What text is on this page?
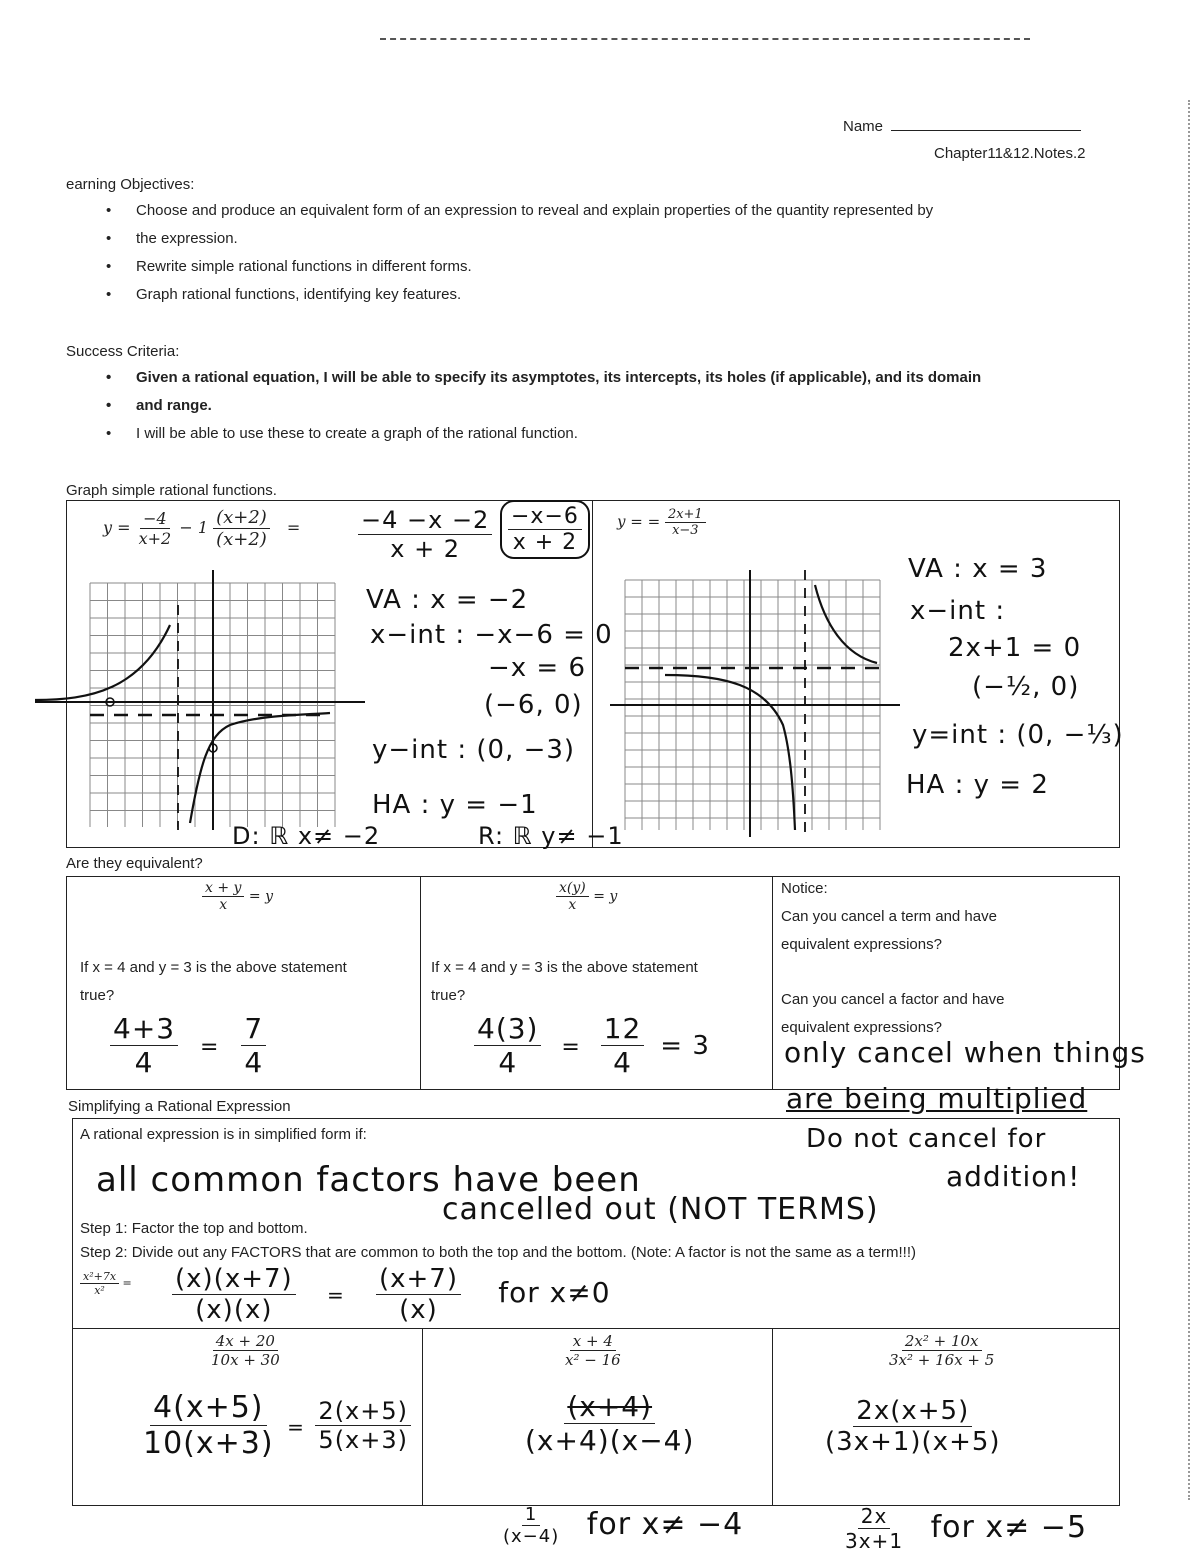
Name
Chapter11&12.Notes.2
earning Objectives:
• Choose and produce an equivalent form of an expression to reveal and explain properties of the quantity represented by
• the expression.
• Rewrite simple rational functions in different forms.
• Graph rational functions, identifying key features.
Success Criteria:
• Given a rational equation, I will be able to specify its asymptotes, its intercepts, its holes (if applicable), and its domain
• and range.
• I will be able to use these to create a graph of the rational function.
Graph simple rational functions.
$y = \frac{-4}{x+2} - 1 \frac{(x+2)}{(x+2)} = \frac{-4 -x -2}{x + 2} \frac{-x-6}{x + 2}$
VA : x = −2
x−int : −x−6 = 0
−x = 6
(−6, 0)
y−int : (0, −3)
HA : y = −1
D: ℝ x≠ −2	R: ℝ y≠ −1
y = = $\frac{2x+1}{x-3}$
VA : x = 3
x−int :
2x+1 = 0
(−½, 0)
y=int : (0, −⅓)
HA : y = 2
Are they equivalent?
$\frac{x + y}{x} = y$
If x = 4 and y = 3 is the above statement true?
$\frac{4+3}{4} = \frac{7}{4}$
$\frac{x(y)}{x} = y$
If x = 4 and y = 3 is the above statement true?
$\frac{4(3)}{4} = \frac{12}{4} = 3$
Notice:
Can you cancel a term and have equivalent expressions?
Can you cancel a factor and have equivalent expressions?
only cancel when things
are being multiplied
Do not cancel for
addition!
Simplifying a Rational Expression
A rational expression is in simplified form if:
all common factors have been
cancelled out (NOT TERMS)
Step 1: Factor the top and bottom.
Step 2: Divide out any FACTORS that are common to both the top and the bottom. (Note: A factor is not the same as a term!!!)
$\frac{\text{x²+7x}}{\text{x²}} = \frac{(x)(x+7)}{(x)(x)} = \frac{(x+7)}{(x)}$ for x≠0
$\frac{4x + 20}{10x + 30}$
$\frac{4(x+5)}{10(x+3)} = \frac{2(x+5)}{5(x+3)}$
$\frac{x + 4}{\text{x² − 16}}$
$\frac{(x+4)}{(x+4)(x-4)}$
$\frac{1}{(x-4)}$ for x≠ −4
$\frac{\text{2x² + 10x}}{\text{3x² + 16x + 5}}$
$\frac{2x(x+5)}{(3x+1)(x+5)}$
$\frac{2x}{3x+1}$ for x≠ −5
